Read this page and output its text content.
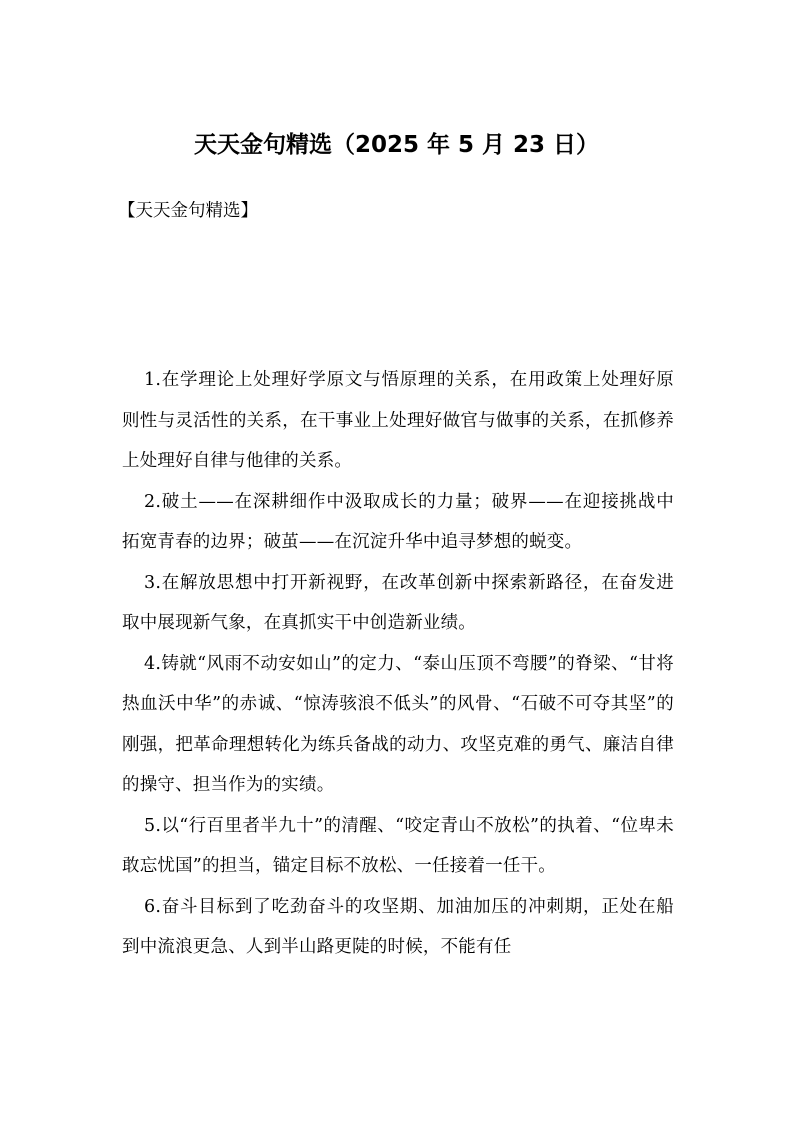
天天金句精选（2025 年 5 月 23 日）
【天天金句精选】

1.在学理论上处理好学原文与悟原理的关系，在用政策上处理好原则性与灵活性的关系，在干事业上处理好做官与做事的关系，在抓修养上处理好自律与他律的关系。

2.破土——在深耕细作中汲取成长的力量；破界——在迎接挑战中拓宽青春的边界；破茧——在沉淀升华中追寻梦想的蜕变。

3.在解放思想中打开新视野，在改革创新中探索新路径，在奋发进取中展现新气象，在真抓实干中创造新业绩。

4.铸就“风雨不动安如山”的定力、“泰山压顶不弯腰”的脊梁、“甘将热血沃中华”的赤诚、“惊涛骇浪不低头”的风骨、“石破不可夺其坚”的刚强，把革命理想转化为练兵备战的动力、攻坚克难的勇气、廉洁自律的操守、担当作为的实绩。

5.以“行百里者半九十”的清醒、“咬定青山不放松”的执着、“位卑未敢忘忧国”的担当，锚定目标不放松、一任接着一任干。

6.奋斗目标到了吃劲奋斗的攻坚期、加油加压的冲刺期，正处在船到中流浪更急、人到半山路更陡的时候，不能有任
